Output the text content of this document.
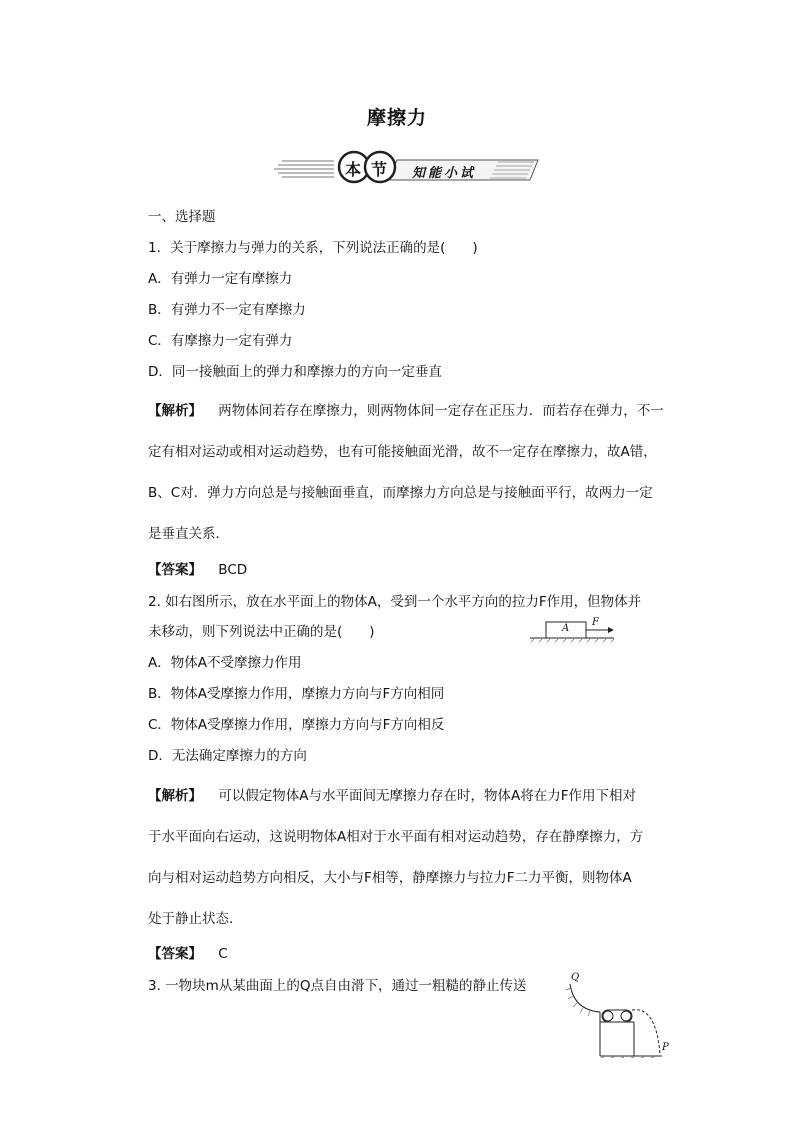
摩擦力
本 节 知能小试
一、选择题
1．关于摩擦力与弹力的关系，下列说法正确的是(　　)
A．有弹力一定有摩擦力
B．有弹力不一定有摩擦力
C．有摩擦力一定有弹力
D．同一接触面上的弹力和摩擦力的方向一定垂直
【解析】 两物体间若存在摩擦力，则两物体间一定存在正压力．而若存在弹力，不一
定有相对运动或相对运动趋势，也有可能接触面光滑，故不一定存在摩擦力，故A错，
B、C对．弹力方向总是与接触面垂直，而摩擦力方向总是与接触面平行，故两力一定
是垂直关系．
【答案】 BCD
2. 如右图所示，放在水平面上的物体A，受到一个水平方向的拉力F作用，但物体并
未移动，则下列说法中正确的是(　　)	A
F
A．物体A不受摩擦力作用
B．物体A受摩擦力作用，摩擦力方向与F方向相同
C．物体A受摩擦力作用，摩擦力方向与F方向相反
D．无法确定摩擦力的方向
【解析】 可以假定物体A与水平面间无摩擦力存在时，物体A将在力F作用下相对
于水平面向右运动，这说明物体A相对于水平面有相对运动趋势，存在静摩擦力，方
向与相对运动趋势方向相反，大小与F相等，静摩擦力与拉力F二力平衡，则物体A
处于静止状态．
【答案】 C
3. 一物块m从某曲面上的Q点自由滑下，通过一粗糙的静止传送
Q
P
